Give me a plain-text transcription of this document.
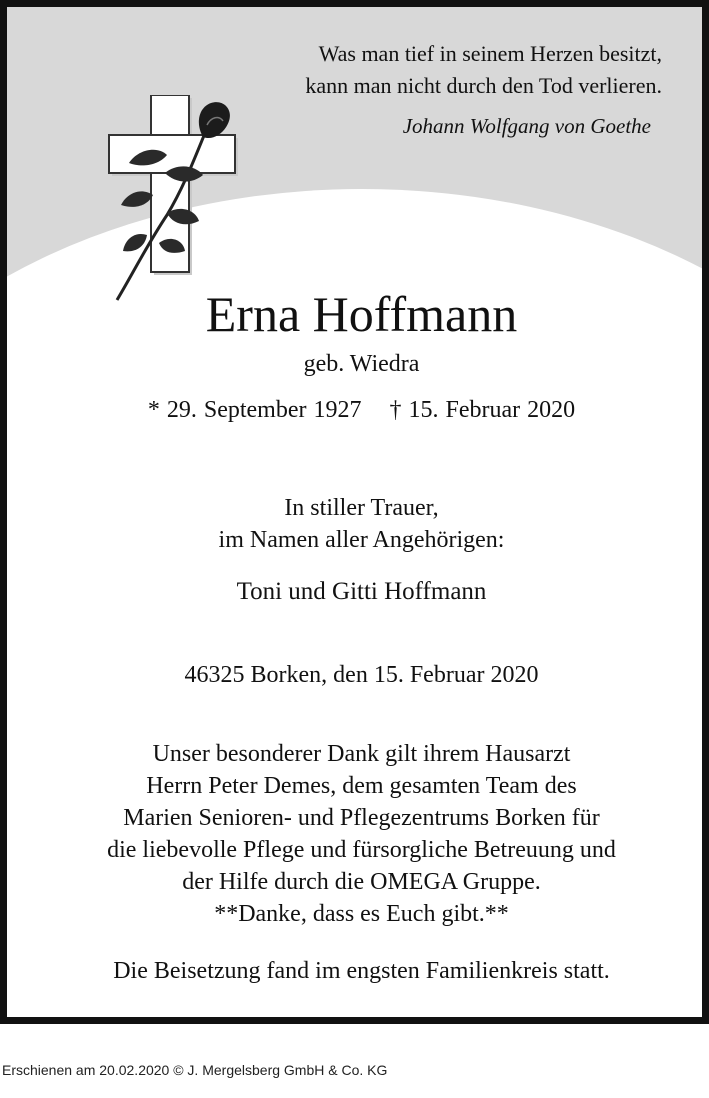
Was man tief in seinem Herzen besitzt,
kann man nicht durch den Tod verlieren.
Johann Wolfgang von Goethe
Erna Hoffmann
geb. Wiedra
* 29. September 1927 † 15. Februar 2020
In stiller Trauer,
im Namen aller Angehörigen:
Toni und Gitti Hoffmann
46325 Borken, den 15. Februar 2020
Unser besonderer Dank gilt ihrem Hausarzt
Herrn Peter Demes, dem gesamten Team des
Marien Senioren- und Pflegezentrums Borken für
die liebevolle Pflege und fürsorgliche Betreuung und
der Hilfe durch die OMEGA Gruppe.
**Danke, dass es Euch gibt.**
Die Beisetzung fand im engsten Familienkreis statt.
Erschienen am 20.02.2020 © J. Mergelsberg GmbH & Co. KG
